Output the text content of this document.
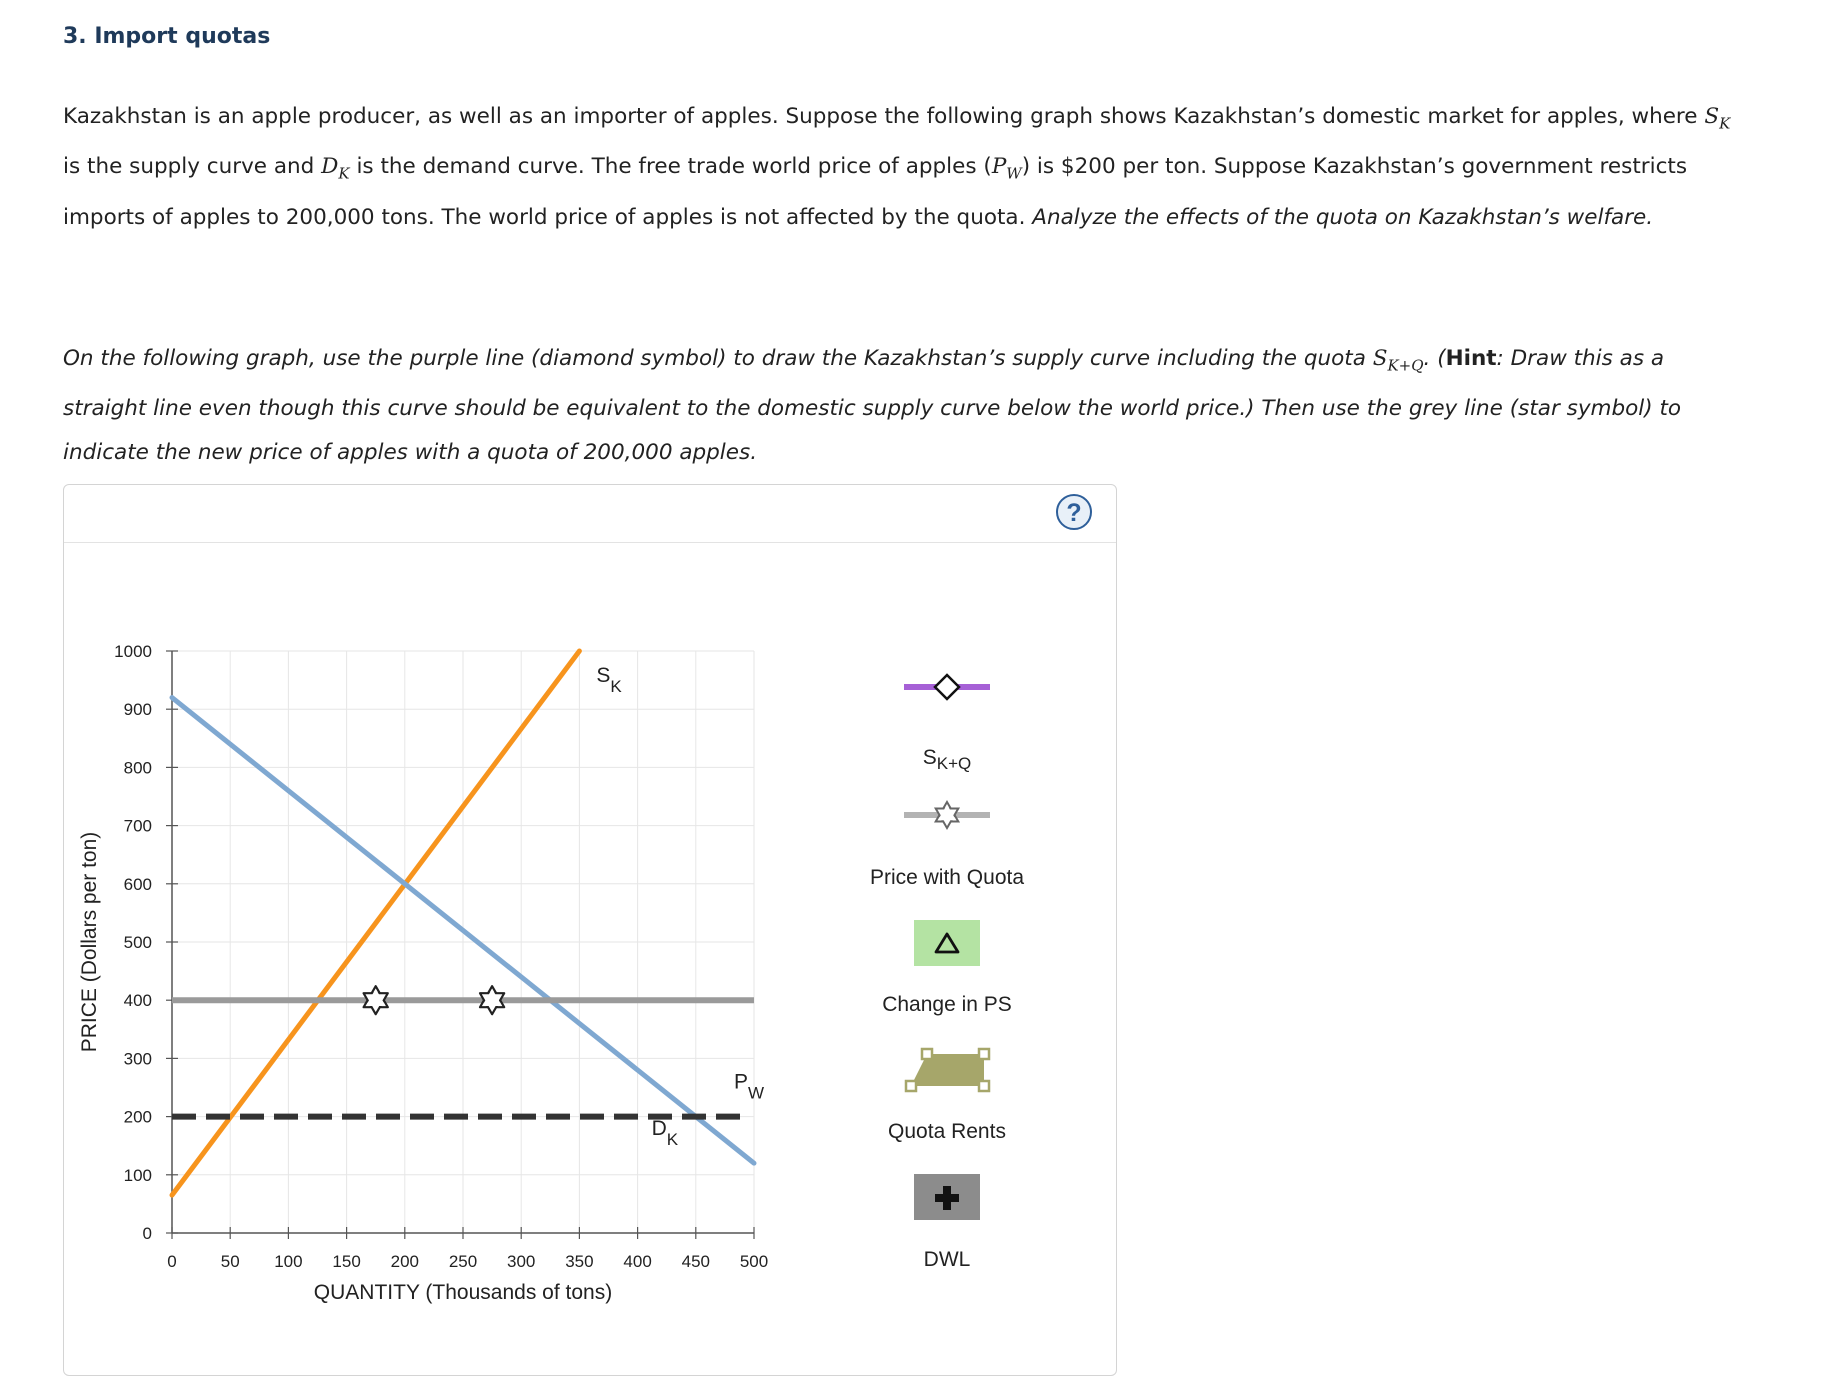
3. Import quotas
Kazakhstan is an apple producer, as well as an importer of apples. Suppose the following graph shows Kazakhstan’s domestic market for apples, where $S_K$ is the supply curve and $D_K$ is the demand curve. The free trade world price of apples $(P_W)$ is $200 per ton. Suppose Kazakhstan’s government restricts imports of apples to 200,000 tons. The world price of apples is not affected by the quota. Analyze the effects of the quota on Kazakhstan’s welfare.
On the following graph, use the purple line (diamond symbol) to draw the Kazakhstan’s supply curve including the quota $S_{K+Q}$. (Hint: Draw this as a straight line even though this curve should be equivalent to the domestic supply curve below the world price.) Then use the grey line (star symbol) to indicate the new price of apples with a quota of 200,000 apples.
?
0	50 100 150 200 250 300 350 400 450 500
0
100
200
300
400
500
600
700
800
900
1000
QUANTITY (Thousands of tons)
PRICE (Dollars per ton)
$S_K$
$D_K$
$P_W$
$S_{K+Q}$
Price with Quota
Change in PS
Quota Rents
DWL
